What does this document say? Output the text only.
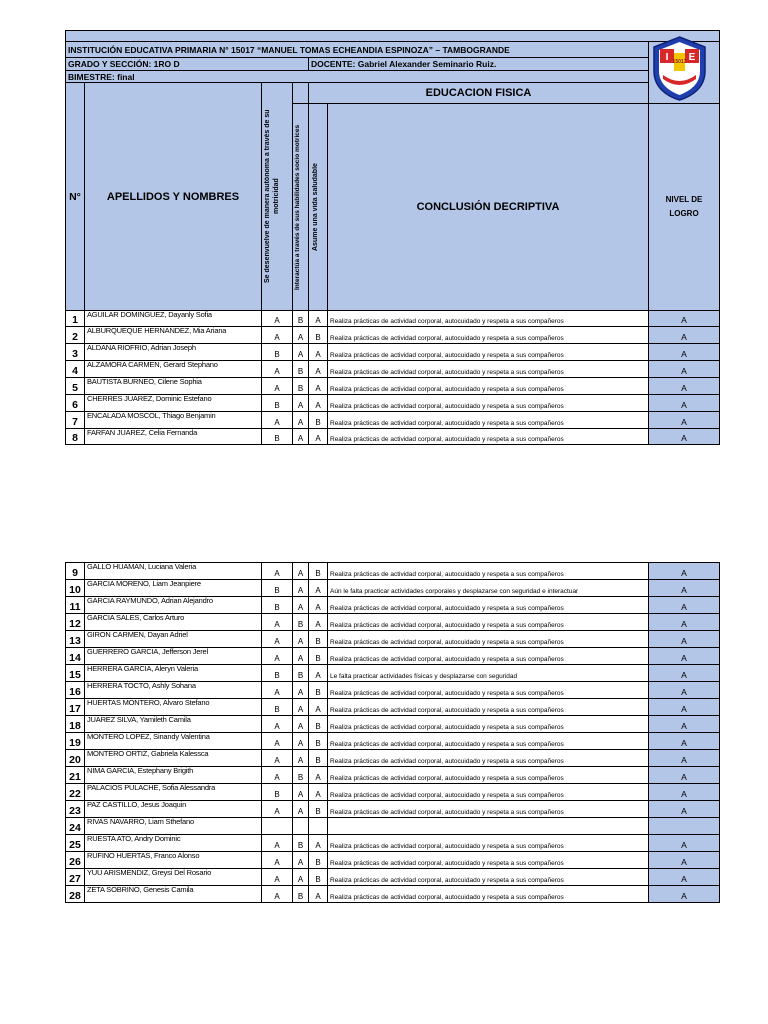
INSTITUCIÓN EDUCATIVA PRIMARIA N° 15017 “MANUEL TOMAS ECHEANDIA ESPINOZA” – TAMBOGRANDE						
GRADO Y SECCIÓN: 1RO D				DOCENTE: Gabriel Alexander Seminario Ruiz.		
BIMESTRE: final						
N°	APELLIDOS Y NOMBRES	Se desenvuelve de manera autónoma a través de su motricidad		EDUCACION FISICA		

			Interactúa a través de sus habilidades socio motrices	Asume una vida saludable	CONCLUSIÓN DECRIPTIVA	NIVEL DE LOGRO
1	AGUILAR DOMINGUEZ, Dayanly Sofia	A	B	A	Realiza prácticas de actividad corporal, autocuidado y respeta a sus compañeros	A
2	ALBURQUEQUE HERNANDEZ, Mia Ariana	A	A	B	Realiza prácticas de actividad corporal, autocuidado y respeta a sus compañeros	A
3	ALDANA RIOFRIO, Adrian Joseph	B	A	A	Realiza prácticas de actividad corporal, autocuidado y respeta a sus compañeros	A
4	ALZAMORA CARMEN, Gerard Stephano	A	B	A	Realiza prácticas de actividad corporal, autocuidado y respeta a sus compañeros	A
5	BAUTISTA BURNEO, Cilene Sophia	A	B	A	Realiza prácticas de actividad corporal, autocuidado y respeta a sus compañeros	A
6	CHERRES JUAREZ, Dominic Estefano	B	A	A	Realiza prácticas de actividad corporal, autocuidado y respeta a sus compañeros	A
7	ENCALADA MOSCOL, Thiago Benjamin	A	A	B	Realiza prácticas de actividad corporal, autocuidado y respeta a sus compañeros	A
8	FARFAN JUAREZ, Celia Fernanda	B	A	A	Realiza prácticas de actividad corporal, autocuidado y respeta a sus compañeros	A
9	GALLO HUAMAN, Luciana Valeria	A	A	B	Realiza prácticas de actividad corporal, autocuidado y respeta a sus compañeros	A
10	GARCIA MORENO, Liam Jeanpiere	B	A	A	Aún le falta practicar actividades corporales y desplazarse con seguridad e interactuar	A
11	GARCIA RAYMUNDO, Adrian Alejandro	B	A	A	Realiza prácticas de actividad corporal, autocuidado y respeta a sus compañeros	A
12	GARCIA SALES, Carlos Arturo	A	B	A	Realiza prácticas de actividad corporal, autocuidado y respeta a sus compañeros	A
13	GIRON CARMEN, Dayan Adriel	A	A	B	Realiza prácticas de actividad corporal, autocuidado y respeta a sus compañeros	A
14	GUERRERO GARCIA, Jefferson Jerel	A	A	B	Realiza prácticas de actividad corporal, autocuidado y respeta a sus compañeros	A
15	HERRERA GARCIA, Aleryn Valeria	B	B	A	Le falta practicar actividades físicas y desplazarse con seguridad	A
16	HERRERA TOCTO, Ashly Sohana	A	A	B	Realiza prácticas de actividad corporal, autocuidado y respeta a sus compañeros	A
17	HUERTAS MONTERO, Alvaro Stefano	B	A	A	Realiza prácticas de actividad corporal, autocuidado y respeta a sus compañeros	A
18	JUAREZ SILVA, Yamileth Camila	A	A	B	Realiza prácticas de actividad corporal, autocuidado y respeta a sus compañeros	A
19	MONTERO LOPEZ, Sinandy Valentina	A	A	B	Realiza prácticas de actividad corporal, autocuidado y respeta a sus compañeros	A
20	MONTERO ORTIZ, Gabriela Kalessca	A	A	B	Realiza prácticas de actividad corporal, autocuidado y respeta a sus compañeros	A
21	NIMA GARCIA, Estephany Brigith	A	B	A	Realiza prácticas de actividad corporal, autocuidado y respeta a sus compañeros	A
22	PALACIOS PULACHE, Sofia Alessandra	B	A	A	Realiza prácticas de actividad corporal, autocuidado y respeta a sus compañeros	A
23	PAZ CASTILLO, Jesus Joaquin	A	A	B	Realiza prácticas de actividad corporal, autocuidado y respeta a sus compañeros	A
24	RIVAS NAVARRO, Liam Sthefano					
25	RUESTA ATO, Andry Dominic	A	B	A	Realiza prácticas de actividad corporal, autocuidado y respeta a sus compañeros	A
26	RUFINO HUERTAS, Franco Alonso	A	A	B	Realiza prácticas de actividad corporal, autocuidado y respeta a sus compañeros	A
27	YUU ARISMENDIZ, Greysi Del Rosario	A	A	B	Realiza prácticas de actividad corporal, autocuidado y respeta a sus compañeros	A
28	ZETA SOBRINO, Genesis Camila	A	B	A	Realiza prácticas de actividad corporal, autocuidado y respeta a sus compañeros	A
I E
15017
